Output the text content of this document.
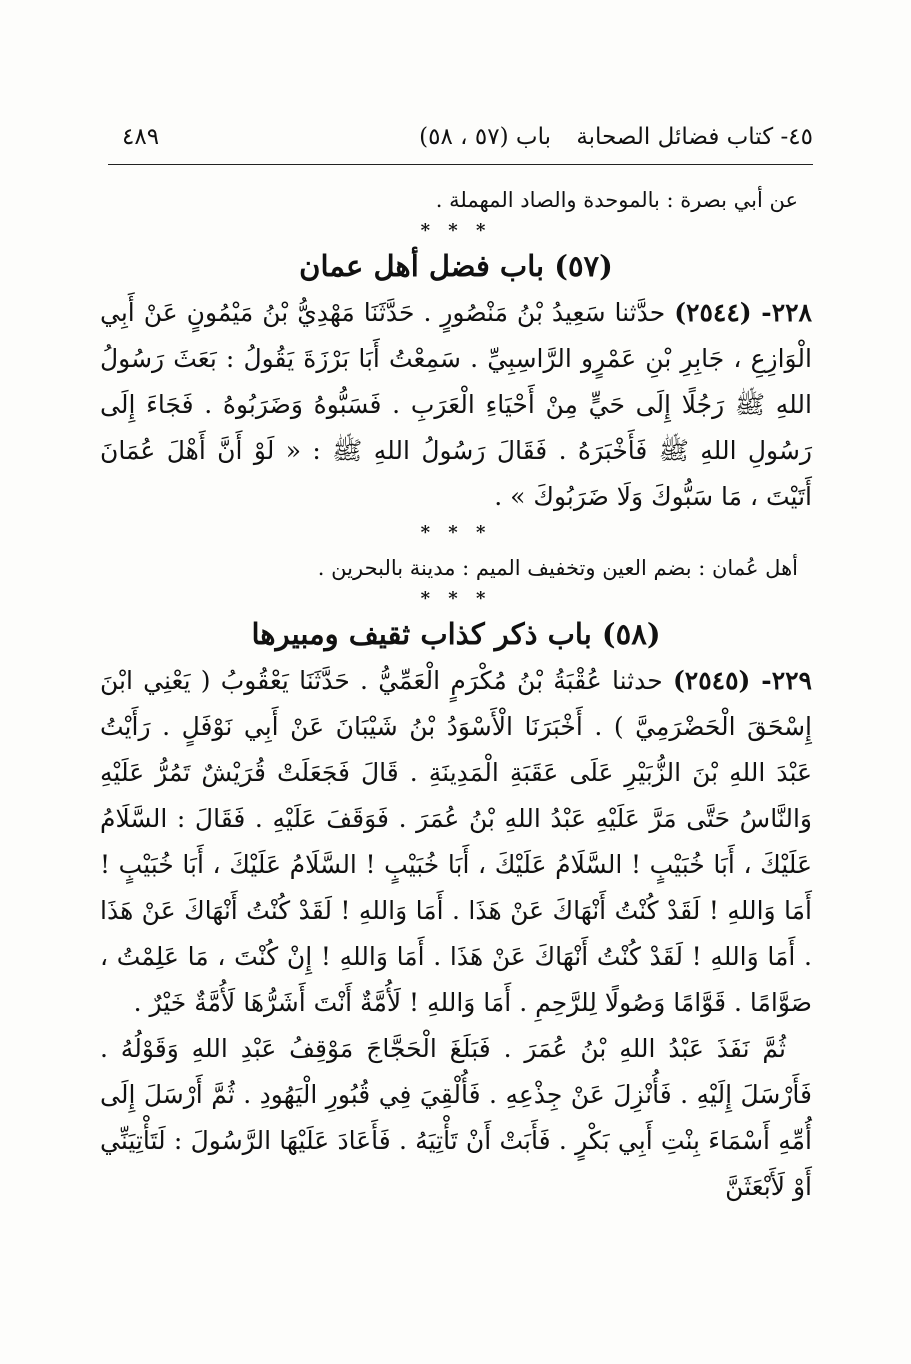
٤٥- كتاب فضائل الصحابة
باب (٥٧ ، ٥٨)
٤٨٩
عن أبي بصرة : بالموحدة والصاد المهملة .
* * *
(٥٧) باب فضل أهل عمان
٢٢٨- (٢٥٤٤) حدَّثنا سَعِيدُ بْنُ مَنْصُورٍ . حَدَّثَنَا مَهْدِيُّ بْنُ مَيْمُونٍ عَنْ أَبِي الْوَازِعِ ، جَابِرِ بْنِ عَمْرٍو الرَّاسِبِيِّ . سَمِعْتُ أَبَا بَرْزَةَ يَقُولُ : بَعَثَ رَسُولُ اللهِ ﷺ رَجُلًا إِلَى حَيٍّ مِنْ أَحْيَاءِ الْعَرَبِ . فَسَبُّوهُ وَضَرَبُوهُ . فَجَاءَ إِلَى رَسُولِ اللهِ ﷺ فَأَخْبَرَهُ . فَقَالَ رَسُولُ اللهِ ﷺ : « لَوْ أَنَّ أَهْلَ عُمَانَ أَتَيْتَ ، مَا سَبُّوكَ وَلَا ضَرَبُوكَ » .
* * *
أهل عُمان : بضم العين وتخفيف الميم : مدينة بالبحرين .
* * *
(٥٨) باب ذكر كذاب ثقيف ومبيرها
٢٢٩- (٢٥٤٥) حدثنا عُقْبَةُ بْنُ مُكْرَمٍ الْعَمِّيُّ . حَدَّثَنَا يَعْقُوبُ ( يَعْنِي ابْنَ إِسْحَقَ الْحَضْرَمِيَّ ) . أَخْبَرَنَا الْأَسْوَدُ بْنُ شَيْبَانَ عَنْ أَبِي نَوْفَلٍ . رَأَيْتُ عَبْدَ اللهِ بْنَ الزُّبَيْرِ عَلَى عَقَبَةِ الْمَدِينَةِ . قَالَ فَجَعَلَتْ قُرَيْشٌ تَمُرُّ عَلَيْهِ وَالنَّاسُ حَتَّى مَرَّ عَلَيْهِ عَبْدُ اللهِ بْنُ عُمَرَ . فَوَقَفَ عَلَيْهِ . فَقَالَ : السَّلَامُ عَلَيْكَ ، أَبَا خُبَيْبٍ ! السَّلَامُ عَلَيْكَ ، أَبَا خُبَيْبٍ ! السَّلَامُ عَلَيْكَ ، أَبَا خُبَيْبٍ ! أَمَا وَاللهِ ! لَقَدْ كُنْتُ أَنْهَاكَ عَنْ هَذَا . أَمَا وَاللهِ ! لَقَدْ كُنْتُ أَنْهَاكَ عَنْ هَذَا . أَمَا وَاللهِ ! لَقَدْ كُنْتُ أَنْهَاكَ عَنْ هَذَا . أَمَا وَاللهِ ! إِنْ كُنْتَ ، مَا عَلِمْتُ ، صَوَّامًا . قَوَّامًا وَصُولًا لِلرَّحِمِ . أَمَا وَاللهِ ! لَأُمَّةٌ أَنْتَ أَشَرُّهَا لَأُمَّةٌ خَيْرٌ .
ثُمَّ نَفَذَ عَبْدُ اللهِ بْنُ عُمَرَ . فَبَلَغَ الْحَجَّاجَ مَوْقِفُ عَبْدِ اللهِ وَقَوْلُهُ . فَأَرْسَلَ إِلَيْهِ . فَأُنْزِلَ عَنْ جِذْعِهِ . فَأُلْقِيَ فِي قُبُورِ الْيَهُودِ . ثُمَّ أَرْسَلَ إِلَى أُمِّهِ أَسْمَاءَ بِنْتِ أَبِي بَكْرٍ . فَأَبَتْ أَنْ تَأْتِيَهُ . فَأَعَادَ عَلَيْهَا الرَّسُولَ : لَتَأْتِيَنِّي أَوْ لَأَبْعَثَنَّ
